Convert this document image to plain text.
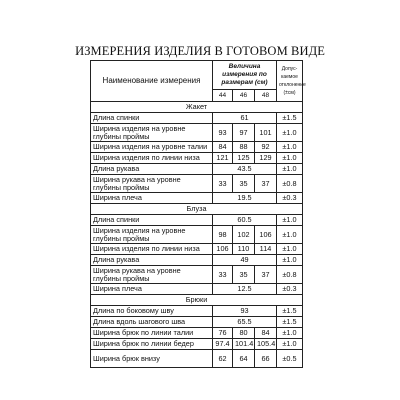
ИЗМЕРЕНИЯ ИЗДЕЛИЯ В ГОТОВОМ ВИДЕ
Наименование измерения	Величина измерения по размерам (см)			Допус-каемое отклонение (±см)
	44	46	48	
Жакет				
Длина спинки	61			±1.5
Ширина изделия на уровне глубины проймы	93	97	101	±1.0
Ширина изделия на уровне талии	84	88	92	±1.0
Ширина изделия по линии низа	121	125	129	±1.0
Длина рукава	43.5			±1.0
Ширина рукава на уровне глубины проймы	33	35	37	±0.8
Ширина плеча	19.5			±0.3
Блуза				
Длина спинки	60.5			±1.0
Ширина изделия на уровне глубины проймы	98	102	106	±1.0
Ширина изделия по линии низа	106	110	114	±1.0
Длина рукава	49			±1.0
Ширина рукава на уровне глубины проймы	33	35	37	±0.8
Ширина плеча	12.5			±0.3
Брюки				
Длина по боковому шву	93			±1.5
Длина вдоль шагового шва	65.5			±1.5
Ширина брюк по линии талии	76	80	84	±1.0
Ширина брюк по линии бедер	97.4	101.4	105.4	±1.0
Ширина брюк внизу	62	64	66	±0.5
